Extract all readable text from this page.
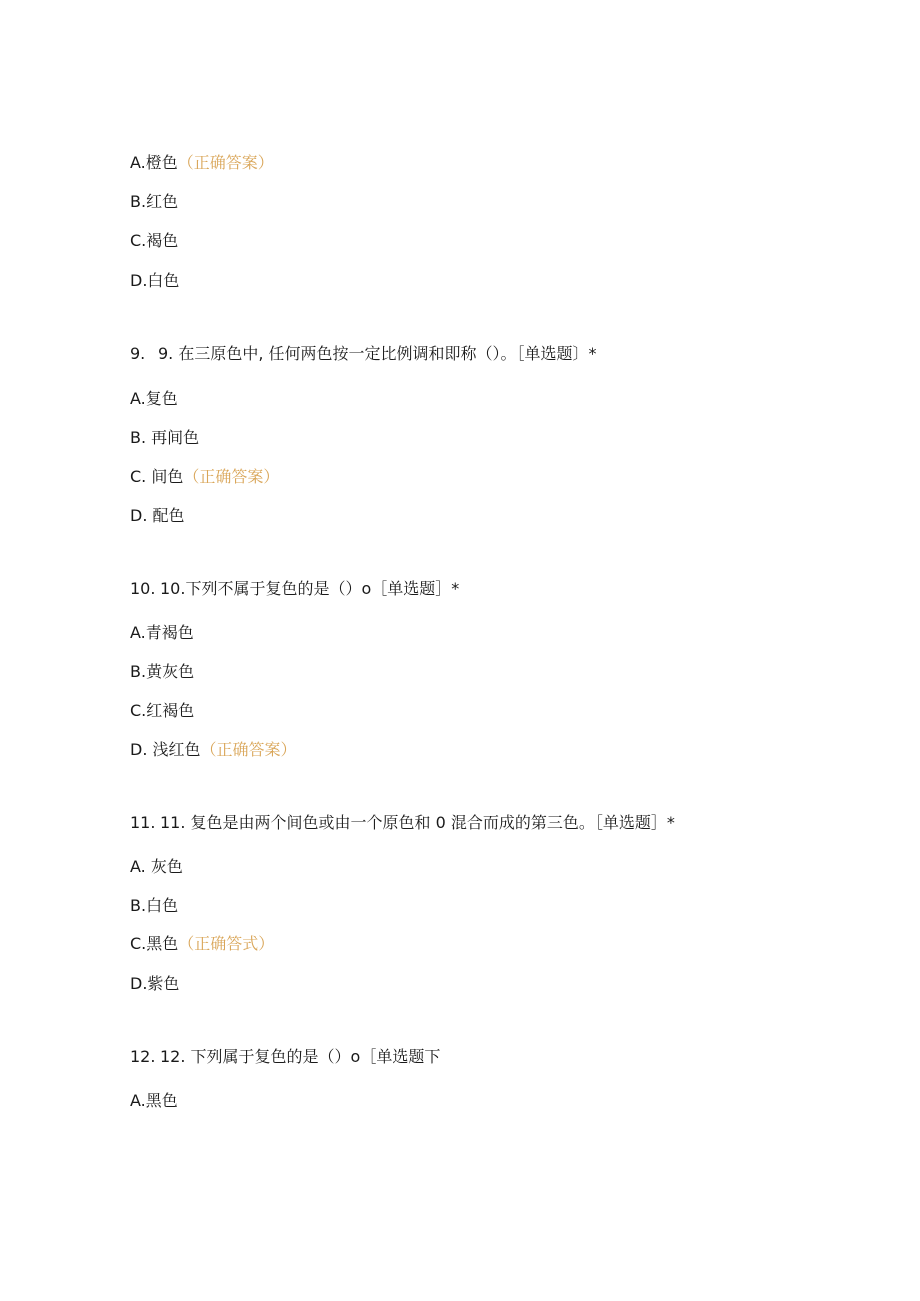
A.橙色（正确答案）
B.红色
C.褐色
D.白色
9. 9. 在三原色中, 任何两色按一定比例调和即称（）。［单选题〕*
A.复色
B. 再间色
C. 间色（正确答案）
D. 配色
10. 10.下列不属于复色的是（）o［单选题］*
A.青褐色
B.黄灰色
C.红褐色
D. 浅红色（正确答案）
11. 11. 复色是由两个间色或由一个原色和 0 混合而成的第三色。［单选题］*
A. 灰色
B.白色
C.黑色（正确答式）
D.紫色
12. 12. 下列属于复色的是（）o［单选题下
A.黑色
